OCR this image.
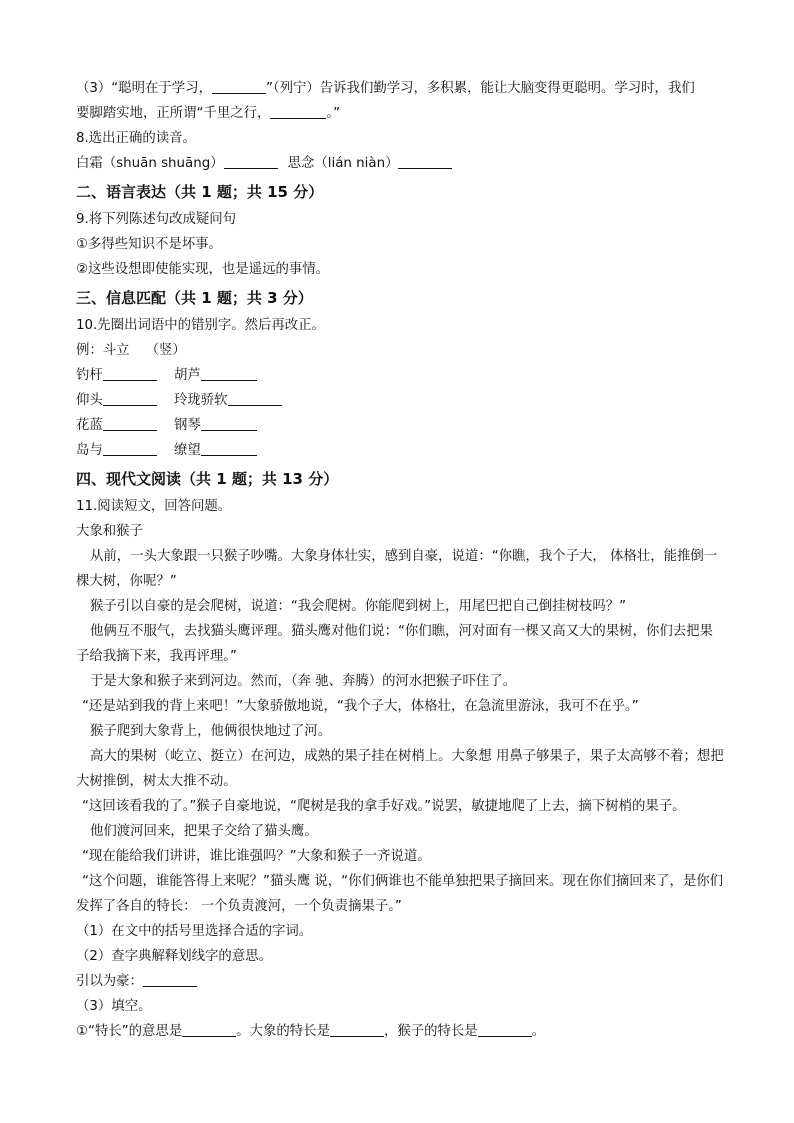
（3）“聪明在于学习，	”（列宁）告诉我们勤学习，多积累，能让大脑变得更聪明。学习时，我们
要脚踏实地，正所谓“千里之行，	。”
8.选出正确的读音。
白霜（shuān shuāng）	思念（lián niàn）
二、语言表达（共 1 题；共 15 分）
9.将下列陈述句改成疑问句
①多得些知识不是坏事。
②这些设想即使能实现，也是遥远的事情。
三、信息匹配（共 1 题；共 3 分）
10.先圈出词语中的错别字。然后再改正。
例：斗立 （竖）
钓杆	胡芦
仰头	玲珑骄软
花蓝	钢琴
岛与	缭望
四、现代文阅读（共 1 题；共 13 分）
11.阅读短文，回答问题。
大象和猴子
从前，一头大象跟一只猴子吵嘴。大象身体壮实，感到自豪，说道：“你瞧，我个子大， 体格壮，能推倒一棵大树，你呢？”
猴子引以自豪的是会爬树，说道：“我会爬树。你能爬到树上，用尾巴把自己倒挂树枝吗？”
他俩互不服气，去找猫头鹰评理。猫头鹰对他们说：“你们瞧，河对面有一棵又高又大的果树，你们去把果子给我摘下来，我再评理。”
于是大象和猴子来到河边。然而，（奔 驰、奔腾）的河水把猴子吓住了。
“还是站到我的背上来吧！”大象骄傲地说，“我个子大，体格壮，在急流里游泳，我可不在乎。”
猴子爬到大象背上，他俩很快地过了河。
高大的果树（屹立、挺立）在河边，成熟的果子挂在树梢上。大象想 用鼻子够果子，果子太高够不着；想把大树推倒，树太大推不动。
“这回该看我的了。”猴子自豪地说，“爬树是我的拿手好戏。”说罢，敏捷地爬了上去，摘下树梢的果子。
他们渡河回来，把果子交给了猫头鹰。
“现在能给我们讲讲，谁比谁强吗？”大象和猴子一齐说道。
“这个问题，谁能答得上来呢？”猫头鹰 说，“你们俩谁也不能单独把果子摘回来。现在你们摘回来了，是你们发挥了各自的特长： 一个负责渡河，一个负责摘果子。”
（1）在文中的括号里选择合适的字词。
（2）查字典解释划线字的意思。
引以为豪：
（3）填空。
①“特长”的意思是	。大象的特长是	，猴子的特长是	。
